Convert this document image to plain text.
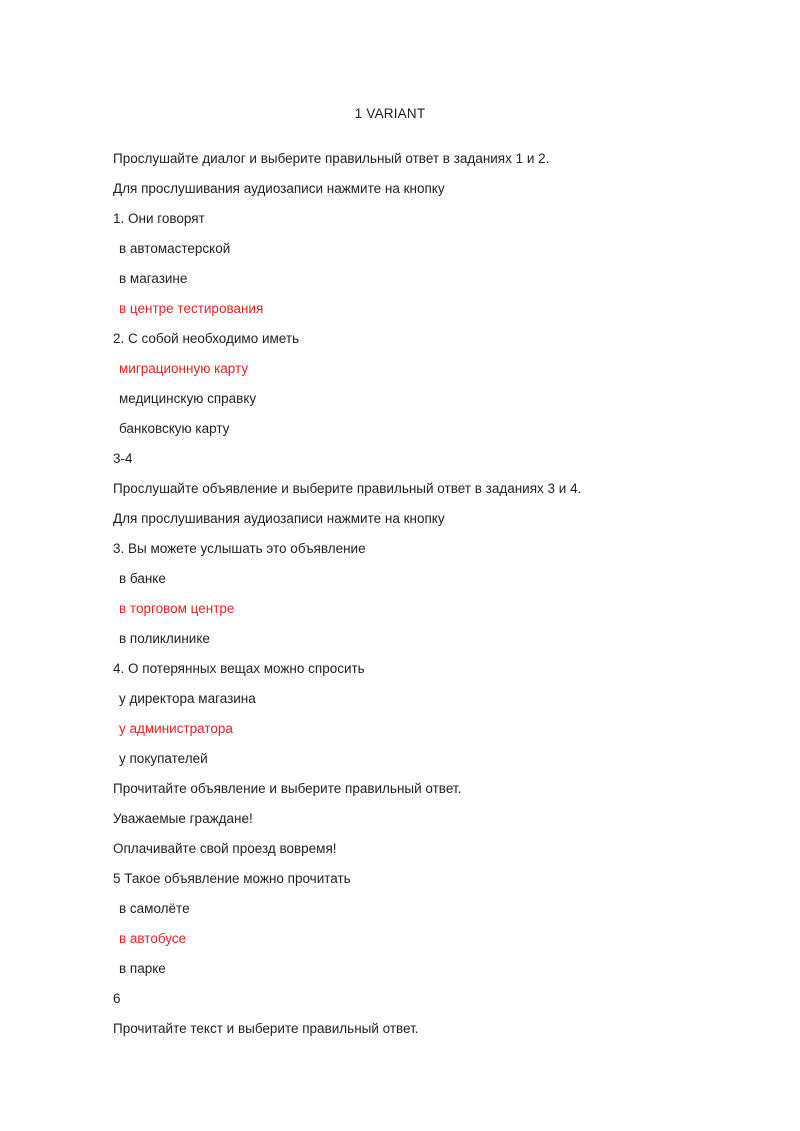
1 VARIANT
Прослушайте диалог и выберите правильный ответ в заданиях 1 и 2.
Для прослушивания аудиозаписи нажмите на кнопку
1. Они говорят
в автомастерской
в магазине
в центре тестирования
2. С собой необходимо иметь
миграционную карту
медицинскую справку
банковскую карту
3-4
Прослушайте объявление и выберите правильный ответ в заданиях 3 и 4.
Для прослушивания аудиозаписи нажмите на кнопку
3. Вы можете услышать это объявление
в банке
в торговом центре
в поликлинике
4. О потерянных вещах можно спросить
у директора магазина
у администратора
у покупателей
Прочитайте объявление и выберите правильный ответ.
Уважаемые граждане!
Оплачивайте свой проезд вовремя!
5 Такое объявление можно прочитать
в самолёте
в автобусе
в парке
6
Прочитайте текст и выберите правильный ответ.
